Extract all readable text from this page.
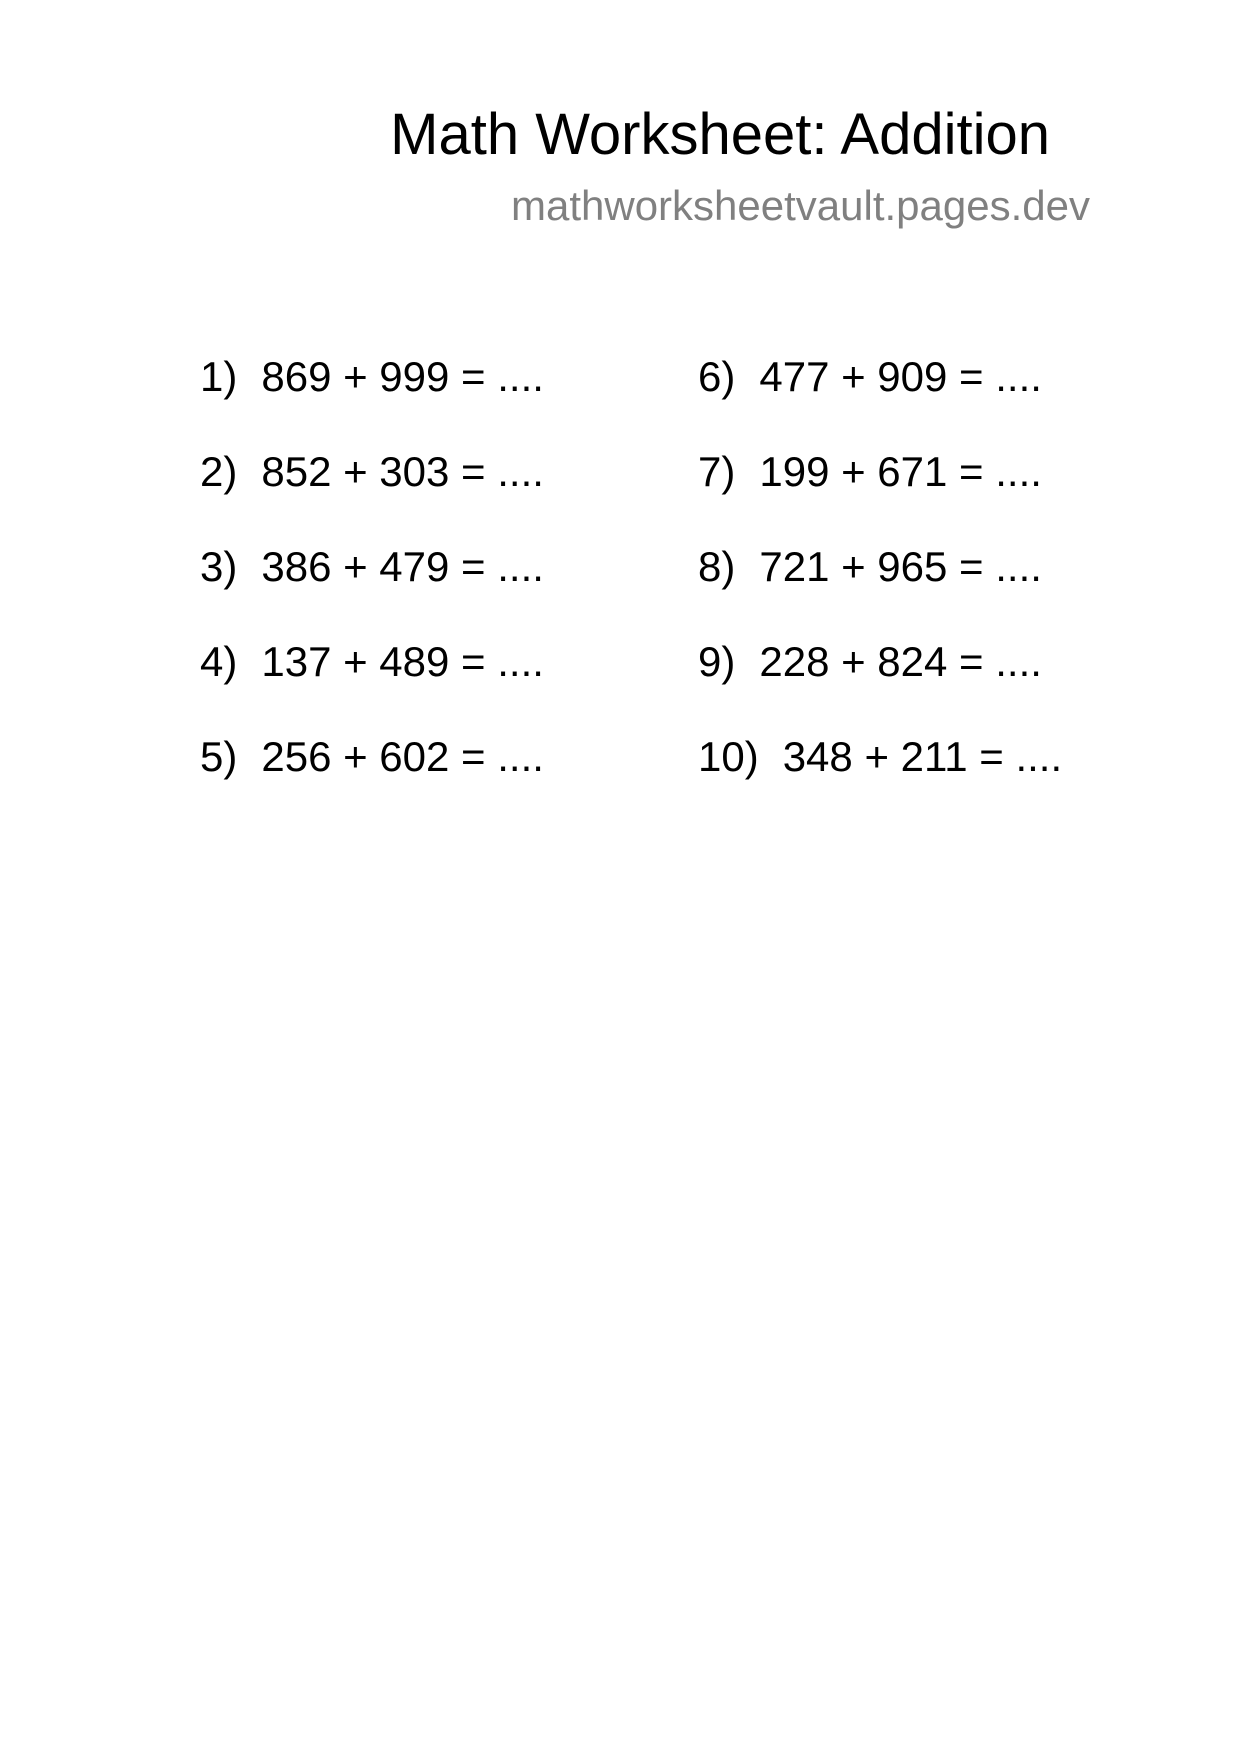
Math Worksheet: Addition
mathworksheetvault.pages.dev
1) 869 + 999 = ....
2) 852 + 303 = ....
3) 386 + 479 = ....
4) 137 + 489 = ....
5) 256 + 602 = ....
6) 477 + 909 = ....
7) 199 + 671 = ....
8) 721 + 965 = ....
9) 228 + 824 = ....
10) 348 + 211 = ....
